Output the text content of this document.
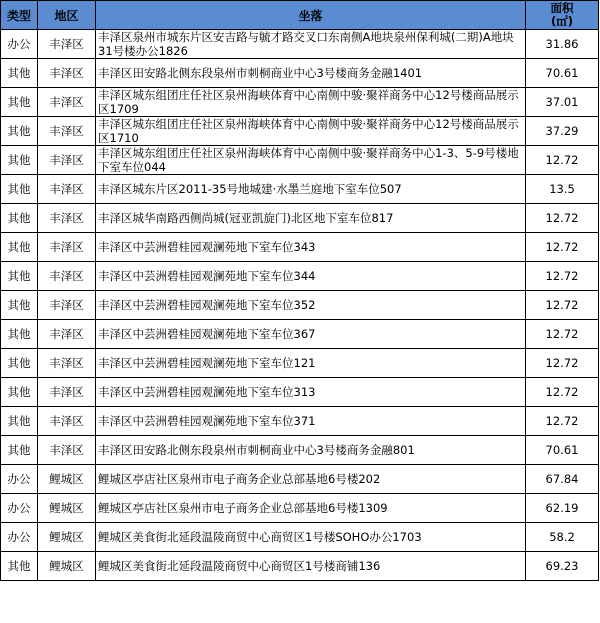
类型	地区	坐落	面积
(㎡)

办公	丰泽区	丰泽区泉州市城东片区安吉路与毓才路交叉口东南侧A地块泉州保利城(二期)A地块31号楼办公1826	31.86
其他	丰泽区	丰泽区田安路北侧东段泉州市刺桐商业中心3号楼商务金融1401	70.61
其他	丰泽区	丰泽区城东组团庄任社区泉州海峡体育中心南侧中骏·聚祥商务中心12号楼商品展示区1709	37.01
其他	丰泽区	丰泽区城东组团庄任社区泉州海峡体育中心南侧中骏·聚祥商务中心12号楼商品展示区1710	37.29
其他	丰泽区	丰泽区城东组团庄任社区泉州海峡体育中心南侧中骏·聚祥商务中心1-3、5-9号楼地下室车位044	12.72
其他	丰泽区	丰泽区城东片区2011-35号地城建·水墨兰庭地下室车位507	13.5
其他	丰泽区	丰泽区城华南路西侧尚城(冠亚凯旋门)北区地下室车位817	12.72
其他	丰泽区	丰泽区中芸洲碧桂园观澜苑地下室车位343	12.72
其他	丰泽区	丰泽区中芸洲碧桂园观澜苑地下室车位344	12.72
其他	丰泽区	丰泽区中芸洲碧桂园观澜苑地下室车位352	12.72
其他	丰泽区	丰泽区中芸洲碧桂园观澜苑地下室车位367	12.72
其他	丰泽区	丰泽区中芸洲碧桂园观澜苑地下室车位121	12.72
其他	丰泽区	丰泽区中芸洲碧桂园观澜苑地下室车位313	12.72
其他	丰泽区	丰泽区中芸洲碧桂园观澜苑地下室车位371	12.72
其他	丰泽区	丰泽区田安路北侧东段泉州市刺桐商业中心3号楼商务金融801	70.61
办公	鲤城区	鲤城区亭店社区泉州市电子商务企业总部基地6号楼202	67.84
办公	鲤城区	鲤城区亭店社区泉州市电子商务企业总部基地6号楼1309	62.19
办公	鲤城区	鲤城区美食街北延段温陵商贸中心商贸区1号楼SOHO办公1703	58.2
其他	鲤城区	鲤城区美食街北延段温陵商贸中心商贸区1号楼商铺136	69.23
